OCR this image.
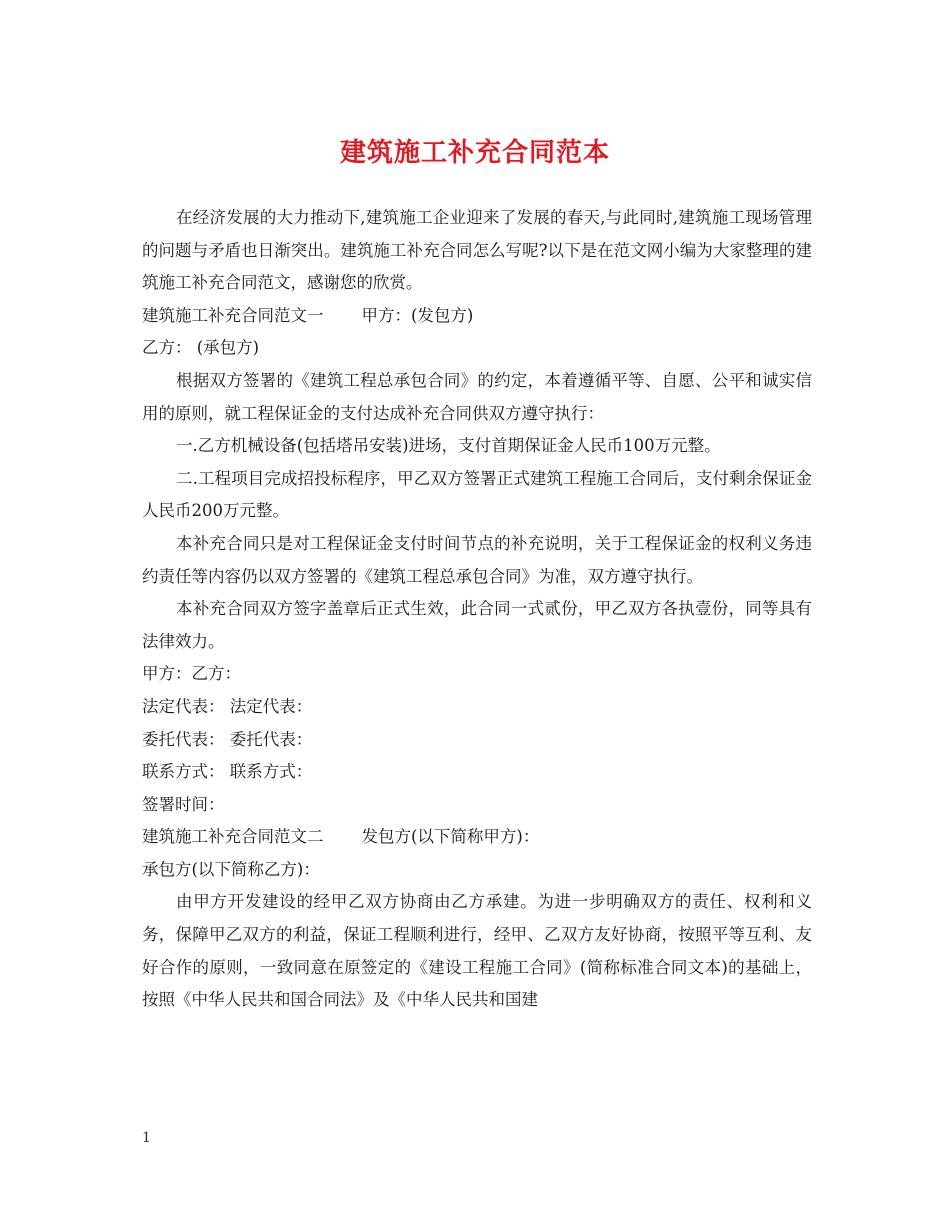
建筑施工补充合同范本

在经济发展的大力推动下,建筑施工企业迎来了发展的春天,与此同时,建筑施工现场管理的问题与矛盾也日渐突出。建筑施工补充合同怎么写呢?以下是在范文网小编为大家整理的建筑施工补充合同范文，感谢您的欣赏。

建筑施工补充合同范文一 甲方：(发包方)

乙方： (承包方)

根据双方签署的《建筑工程总承包合同》的约定，本着遵循平等、自愿、公平和诚实信用的原则，就工程保证金的支付达成补充合同供双方遵守执行：

一.乙方机械设备(包括塔吊安装)进场，支付首期保证金人民币100万元整。

二.工程项目完成招投标程序，甲乙双方签署正式建筑工程施工合同后，支付剩余保证金人民币200万元整。

本补充合同只是对工程保证金支付时间节点的补充说明，关于工程保证金的权利义务违约责任等内容仍以双方签署的《建筑工程总承包合同》为准，双方遵守执行。

本补充合同双方签字盖章后正式生效，此合同一式贰份，甲乙双方各执壹份，同等具有法律效力。

甲方：乙方：

法定代表： 法定代表：

委托代表： 委托代表：

联系方式： 联系方式：

签署时间：

建筑施工补充合同范文二 发包方(以下简称甲方)：

承包方(以下简称乙方)：

由甲方开发建设的经甲乙双方协商由乙方承建。为进一步明确双方的责任、权利和义务，保障甲乙双方的利益，保证工程顺利进行，经甲、乙双方友好协商，按照平等互利、友好合作的原则，一致同意在原签定的《建设工程施工合同》(简称标准合同文本)的基础上，按照《中华人民共和国合同法》及《中华人民共和国建

1
